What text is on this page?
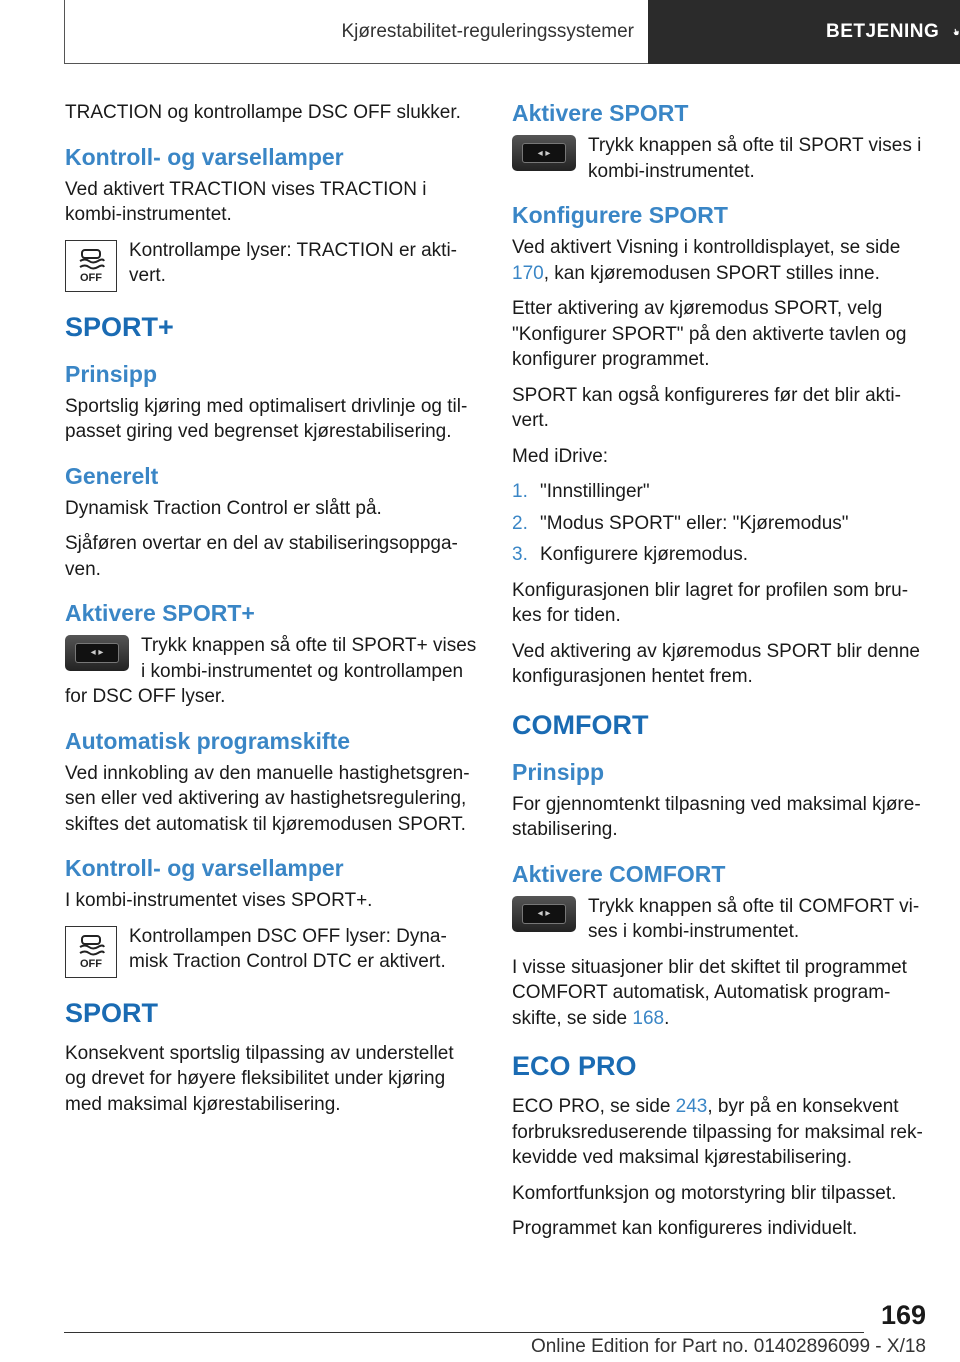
Kjørestabilitet-reguleringssystemer	BETJENING

TRACTION og kontrollampe DSC OFF slukker.

Kontroll- og varsellamper

Ved aktivert TRACTION vises TRACTION i kombi-instrumentet.

OFF
Kontrollampe lyser: TRACTION er akti- vert.
SPORT+
Prinsipp

Sportslig kjøring med optimalisert drivlinje og til- passet giring ved begrenset kjørestabilisering.

Generelt

Dynamisk Traction Control er slått på.

Sjåføren overtar en del av stabiliseringsoppga- ven.

Aktivere SPORT+

◂ ▸	Trykk knappen så ofte til SPORT+ vises i kombi-instrumentet og kontrollampen for DSC OFF lyser.

Automatisk programskifte

Ved innkobling av den manuelle hastighetsgren- sen eller ved aktivering av hastighetsregulering, skiftes det automatisk til kjøremodusen SPORT.

Kontroll- og varsellamper

I kombi-instrumentet vises SPORT+.

OFF
Kontrollampen DSC OFF lyser: Dyna- misk Traction Control DTC er aktivert.
SPORT

Konsekvent sportslig tilpassing av understellet og drevet for høyere fleksibilitet under kjøring med maksimal kjørestabilisering.

Aktivere SPORT
◂ ▸	Trykk knappen så ofte til SPORT vises i kombi-instrumentet.
Konfigurere SPORT

Ved aktivert Visning i kontrolldisplayet, se side 170, kan kjøremodusen SPORT stilles inne.

Etter aktivering av kjøremodus SPORT, velg "Konfigurer SPORT" på den aktiverte tavlen og konfigurer programmet.

SPORT kan også konfigureres før det blir akti- vert.

Med iDrive:

1. "Innstillinger"
2. "Modus SPORT" eller: "Kjøremodus"
3. Konfigurere kjøremodus.

Konfigurasjonen blir lagret for profilen som bru- kes for tiden.

Ved aktivering av kjøremodus SPORT blir denne konfigurasjonen hentet frem.

COMFORT
Prinsipp

For gjennomtenkt tilpasning ved maksimal kjøre- stabilisering.

Aktivere COMFORT
◂ ▸	Trykk knappen så ofte til COMFORT vi- ses i kombi-instrumentet.

I visse situasjoner blir det skiftet til programmet COMFORT automatisk, Automatisk program- skifte, se side 168.

ECO PRO

ECO PRO, se side 243, byr på en konsekvent forbruksreduserende tilpassing for maksimal rek- kevidde ved maksimal kjørestabilisering.

Komfortfunksjon og motorstyring blir tilpasset.

Programmet kan konfigureres individuelt.

169
Online Edition for Part no. 01402896099 - X/18
